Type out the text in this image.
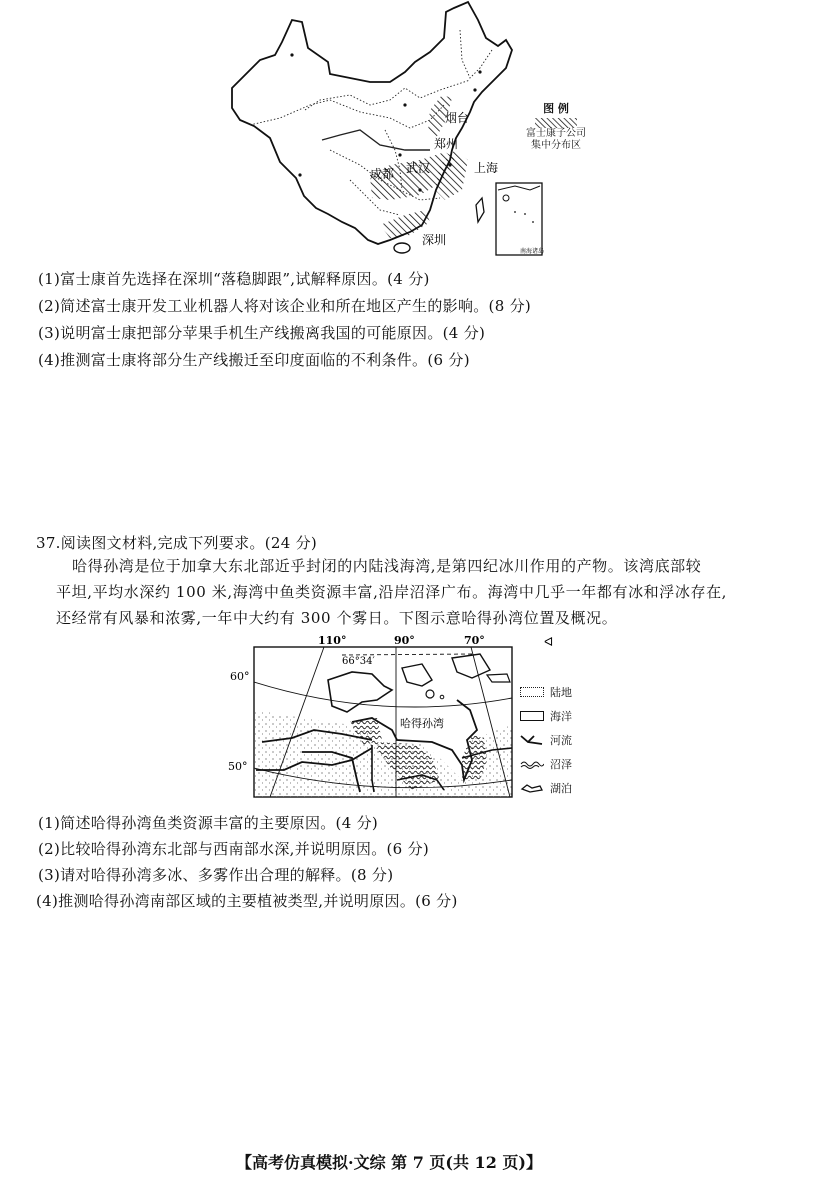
烟台
郑州
上海
成都 武汉
深圳
南海诸岛
图 例
富士康子公司
集中分布区
(1)富士康首先选择在深圳“落稳脚跟”,试解释原因。(4 分)
(2)简述富士康开发工业机器人将对该企业和所在地区产生的影响。(8 分)
(3)说明富士康把部分苹果手机生产线搬离我国的可能原因。(4 分)
(4)推测富士康将部分生产线搬迁至印度面临的不利条件。(6 分)
37.阅读图文材料,完成下列要求。(24 分)
哈得孙湾是位于加拿大东北部近乎封闭的内陆浅海湾,是第四纪冰川作用的产物。该湾底部较
平坦,平均水深约 100 米,海湾中鱼类资源丰富,沿岸沼泽广布。海湾中几乎一年都有冰和浮冰存在,
还经常有风暴和浓雾,一年中大约有 300 个雾日。下图示意哈得孙湾位置及概况。
110°	90°	70°
60°
50°
66°34′
哈得孙湾
ᐊ
陆地
海洋
河流
沼泽
湖泊
(1)简述哈得孙湾鱼类资源丰富的主要原因。(4 分)
(2)比较哈得孙湾东北部与西南部水深,并说明原因。(6 分)
(3)请对哈得孙湾多冰、多雾作出合理的解释。(8 分)
(4)推测哈得孙湾南部区域的主要植被类型,并说明原因。(6 分)
【高考仿真模拟·文综 第 7 页(共 12 页)】
